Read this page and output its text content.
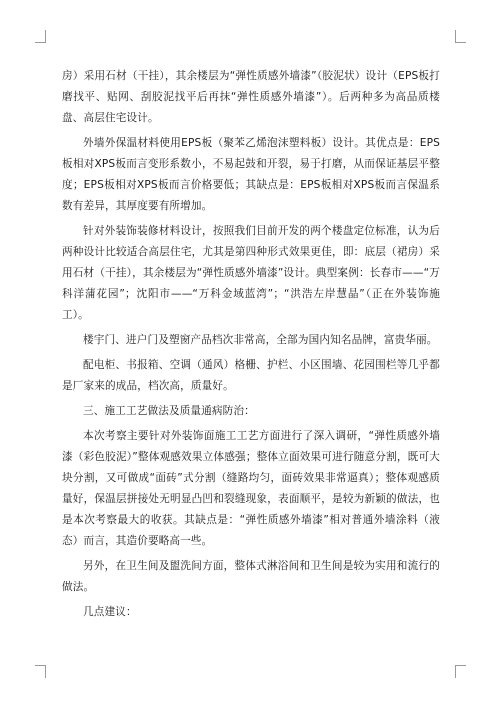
房）采用石材（干挂），其余楼层为“弹性质感外墙漆”（胶泥状）设计（EPS板打磨找平、贴网、刮胶泥找平后再抹“弹性质感外墙漆”）。后两种多为高品质楼盘、高层住宅设计。

外墙外保温材料使用EPS板（聚苯乙烯泡沫塑料板）设计。其优点是：EPS板相对XPS板而言变形系数小，不易起鼓和开裂，易于打磨，从而保证基层平整度；EPS板相对XPS板而言价格要低；其缺点是：EPS板相对XPS板而言保温系数有差异，其厚度要有所增加。

针对外装饰装修材料设计，按照我们目前开发的两个楼盘定位标准，认为后两种设计比较适合高层住宅，尤其是第四种形式效果更佳，即：底层（裙房）采用石材（干挂），其余楼层为“弹性质感外墙漆”设计。典型案例：长春市——“万科洋蒲花园”；沈阳市——“万科金域蓝湾”；“洪浩左岸慧晶”（正在外装饰施工）。

楼宇门、进户门及塑窗产品档次非常高，全部为国内知名品牌，富贵华丽。

配电柜、书报箱、空调（通风）格栅、护栏、小区围墙、花园围栏等几乎都是厂家来的成品，档次高，质量好。

三、施工工艺做法及质量通病防治：

本次考察主要针对外装饰面施工工艺方面进行了深入调研，“弹性质感外墙漆（彩色胶泥）”整体观感效果立体感强；整体立面效果可进行随意分割，既可大块分割，又可做成“面砖”式分割（缝路均匀，面砖效果非常逼真）；整体观感质量好，保温层拼接处无明显凸凹和裂缝现象，表面顺平，是较为新颖的做法，也是本次考察最大的收获。其缺点是：“弹性质感外墙漆”相对普通外墙涂料（液态）而言，其造价要略高一些。

另外，在卫生间及盥洗间方面，整体式淋浴间和卫生间是较为实用和流行的做法。

几点建议：
